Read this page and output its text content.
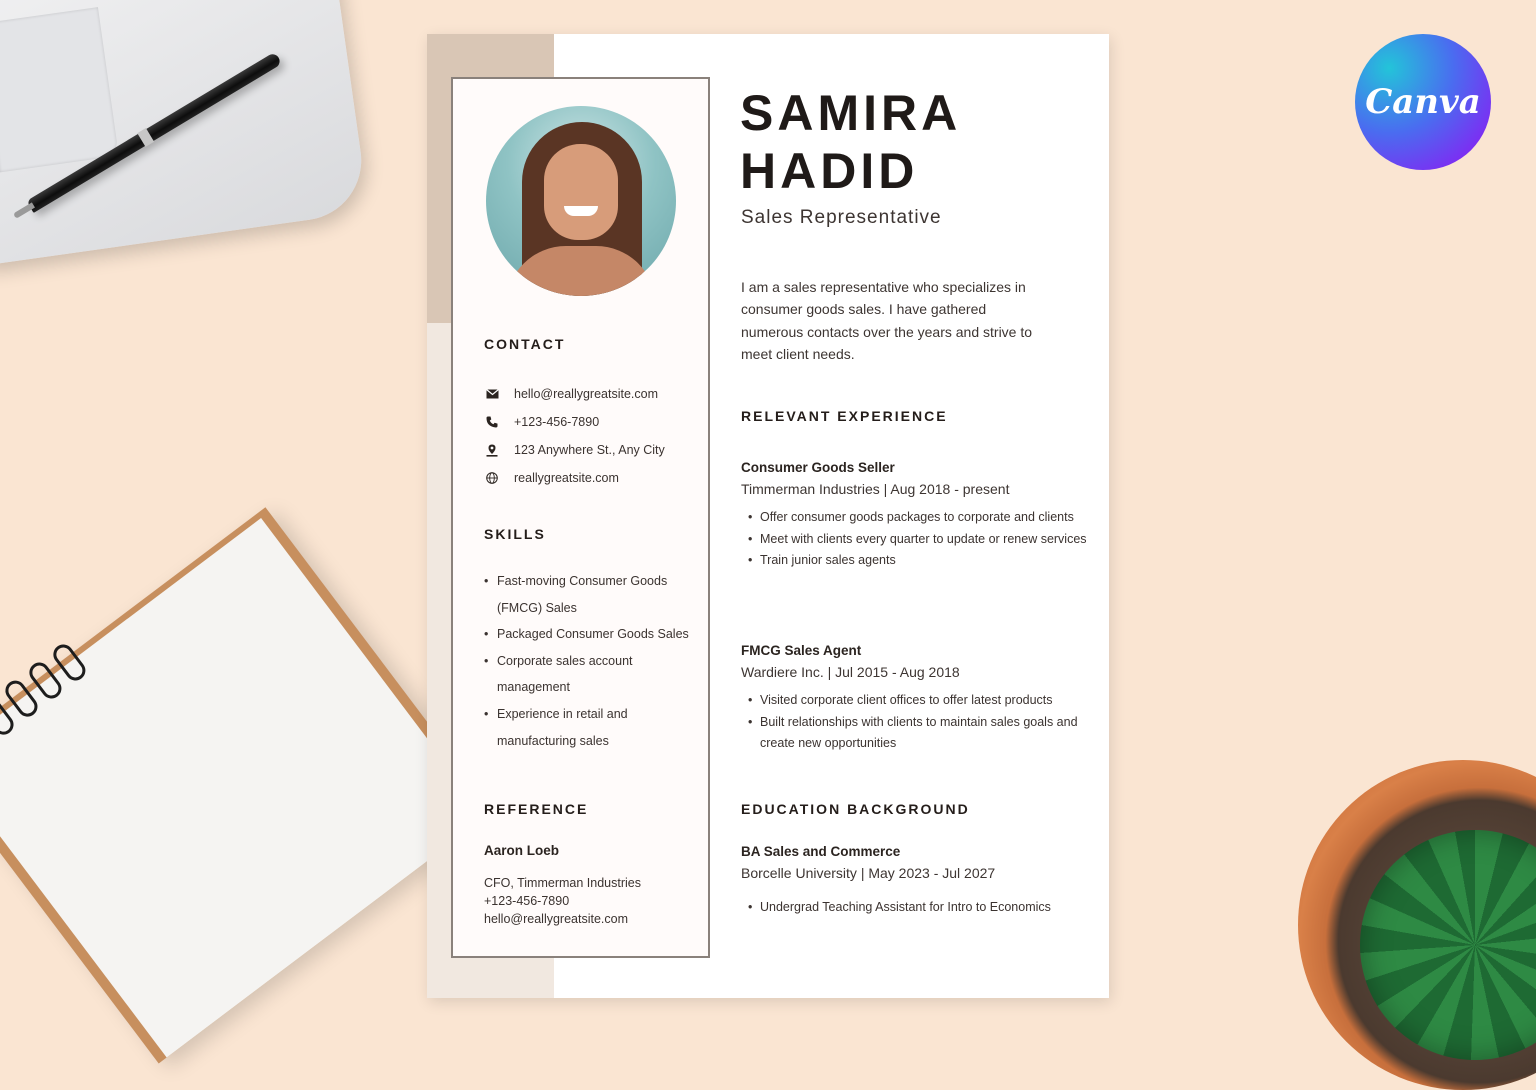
Canva
CONTACT
hello@reallygreatsite.com
+123-456-7890
123 Anywhere St., Any City
reallygreatsite.com
SKILLS
• Fast-moving Consumer Goods (FMCG) Sales
• Packaged Consumer Goods Sales
• Corporate sales account management
• Experience in retail and manufacturing sales
REFERENCE
Aaron Loeb
CFO, Timmerman Industries
+123-456-7890
hello@reallygreatsite.com
SAMIRA
HADID
Sales Representative
I am a sales representative who specializes in consumer goods sales. I have gathered numerous contacts over the years and strive to meet client needs.
RELEVANT EXPERIENCE
Consumer Goods Seller
Timmerman Industries | Aug 2018 - present
• Offer consumer goods packages to corporate and clients
• Meet with clients every quarter to update or renew services
• Train junior sales agents
FMCG Sales Agent
Wardiere Inc. | Jul 2015 - Aug 2018
• Visited corporate client offices to offer latest products
• Built relationships with clients to maintain sales goals and create new opportunities
EDUCATION BACKGROUND
BA Sales and Commerce
Borcelle University | May 2023 - Jul 2027
• Undergrad Teaching Assistant for Intro to Economics
